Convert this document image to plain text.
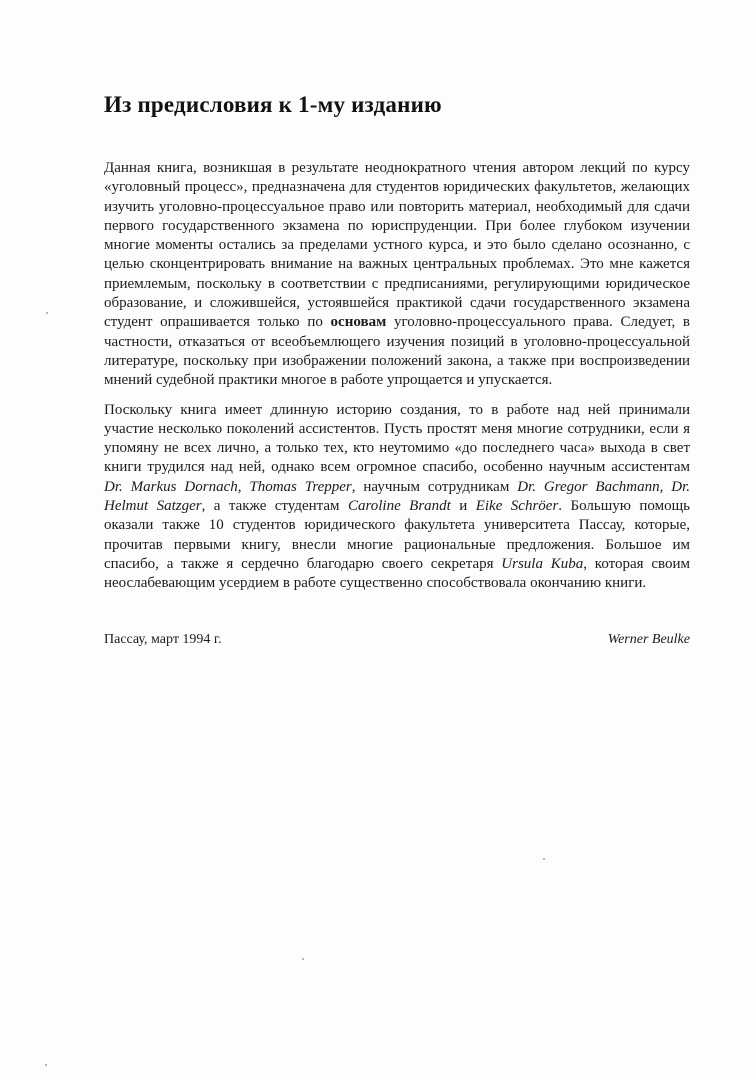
Из предисловия к 1-му изданию

Данная книга, возникшая в результате неоднократного чтения автором лекций по курсу «уголовный процесс», предназначена для студентов юридических факультетов, желающих изучить уголовно-процессуальное право или повторить материал, необходимый для сдачи первого государственного экзамена по юриспруденции. При более глубоком изучении многие моменты остались за пределами устного курса, и это было сделано осознанно, с целью сконцентрировать внимание на важных центральных проблемах. Это мне кажется приемлемым, поскольку в соответствии с предписаниями, регулирующими юридическое образование, и сложившейся, устоявшейся практикой сдачи государственного экзамена студент опрашивается только по основам уголовно-процессуального права. Следует, в частности, отказаться от всеобъемлющего изучения позиций в уголовно-процессуальной литературе, поскольку при изображении положений закона, а также при воспроизведении мнений судебной практики многое в работе упрощается и упускается.

Поскольку книга имеет длинную историю создания, то в работе над ней принимали участие несколько поколений ассистентов. Пусть простят меня многие сотрудники, если я упомяну не всех лично, а только тех, кто неутомимо «до последнего часа» выхода в свет книги трудился над ней, однако всем огромное спасибо, особенно научным ассистентам Dr. Markus Dornach, Thomas Trepper, научным сотрудникам Dr. Gregor Bachmann, Dr. Helmut Satzger, а также студентам Caroline Brandt и Eike Schröer. Большую помощь оказали также 10 студентов юридического факультета университета Пассау, которые, прочитав первыми книгу, внесли многие рациональные предложения. Большое им спасибо, а также я сердечно благодарю своего секретаря Ursula Kuba, которая своим неослабевающим усердием в работе существенно способствовала окончанию книги.

Пассау, март 1994 г.	Werner Beulke
